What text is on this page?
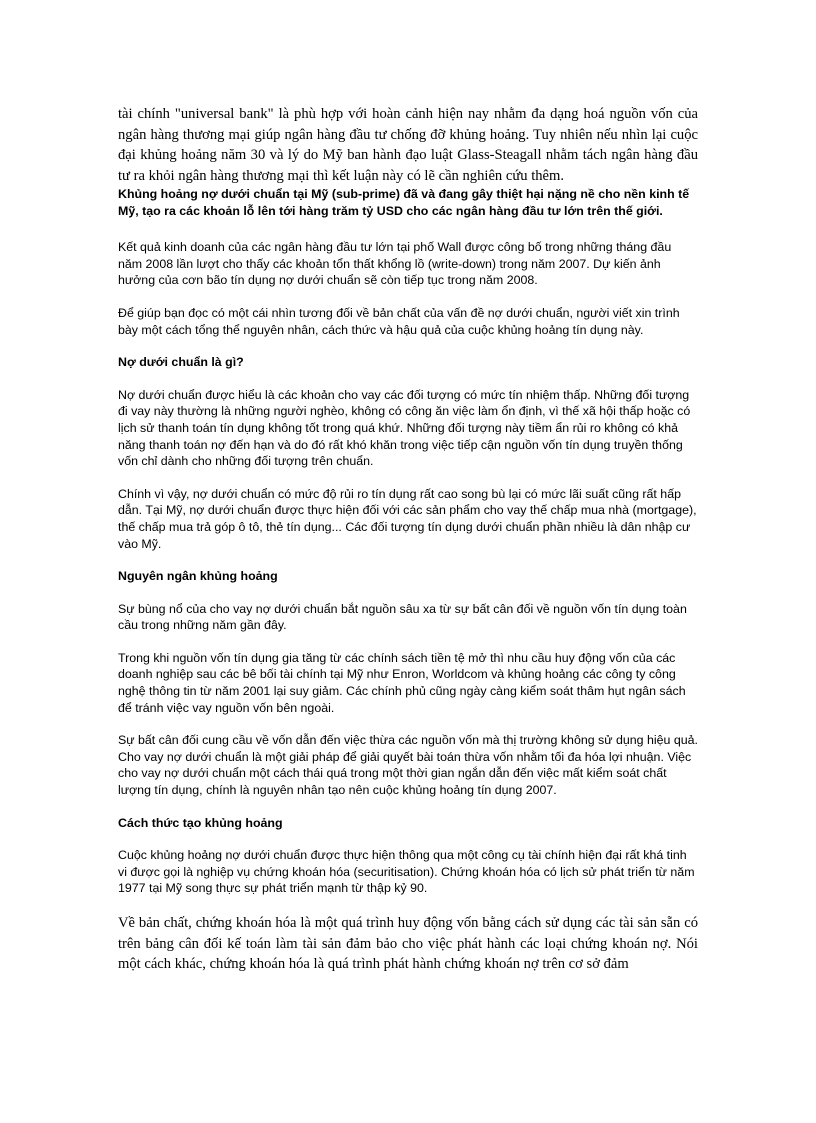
tài chính "universal bank" là phù hợp với hoàn cảnh hiện nay nhằm đa dạng hoá nguồn vốn của ngân hàng thương mại giúp ngân hàng đầu tư chống đỡ khủng hoảng. Tuy nhiên nếu nhìn lại cuộc đại khủng hoảng năm 30 và lý do Mỹ ban hành đạo luật Glass-Steagall nhằm tách ngân hàng đầu tư ra khỏi ngân hàng thương mại thì kết luận này có lẽ cần nghiên cứu thêm.

Khủng hoảng nợ dưới chuẩn tại Mỹ (sub-prime) đã và đang gây thiệt hại nặng nề cho nền kinh tế Mỹ, tạo ra các khoản lỗ lên tới hàng trăm tỷ USD cho các ngân hàng đầu tư lớn trên thế giới.

Kết quả kinh doanh của các ngân hàng đầu tư lớn tại phố Wall được công bố trong những tháng đầu năm 2008 lần lượt cho thấy các khoản tổn thất khổng lồ (write-down) trong năm 2007. Dự kiến ảnh hưởng của cơn bão tín dụng nợ dưới chuẩn sẽ còn tiếp tục trong năm 2008.

Để giúp bạn đọc có một cái nhìn tương đối về bản chất của vấn đề nợ dưới chuẩn, người viết xin trình bày một cách tổng thể nguyên nhân, cách thức và hậu quả của cuộc khủng hoảng tín dụng này.

Nợ dưới chuẩn là gì?

Nợ dưới chuẩn được hiểu là các khoản cho vay các đối tượng có mức tín nhiệm thấp. Những đối tượng đi vay này thường là những người nghèo, không có công ăn việc làm ổn định, vì thế xã hội thấp hoặc có lịch sử thanh toán tín dụng không tốt trong quá khứ. Những đối tượng này tiềm ẩn rủi ro không có khả năng thanh toán nợ đến hạn và do đó rất khó khăn trong việc tiếp cận nguồn vốn tín dụng truyền thống vốn chỉ dành cho những đối tượng trên chuẩn.

Chính vì vậy, nợ dưới chuẩn có mức độ rủi ro tín dụng rất cao song bù lại có mức lãi suất cũng rất hấp dẫn. Tại Mỹ, nợ dưới chuẩn được thực hiện đối với các sản phẩm cho vay thế chấp mua nhà (mortgage), thế chấp mua trả góp ô tô, thẻ tín dụng... Các đối tượng tín dụng dưới chuẩn phần nhiều là dân nhập cư vào Mỹ.

Nguyên ngân khủng hoảng

Sự bùng nổ của cho vay nợ dưới chuẩn bắt nguồn sâu xa từ sự bất cân đối về nguồn vốn tín dụng toàn cầu trong những năm gần đây.

Trong khi nguồn vốn tín dụng gia tăng từ các chính sách tiền tệ mở thì nhu cầu huy động vốn của các doanh nghiệp sau các bê bối tài chính tại Mỹ như Enron, Worldcom và khủng hoảng các công ty công nghệ thông tin từ năm 2001 lại suy giảm. Các chính phủ cũng ngày càng kiểm soát thâm hụt ngân sách để tránh việc vay nguồn vốn bên ngoài.

Sự bất cân đối cung cầu về vốn dẫn đến việc thừa các nguồn vốn mà thị trường không sử dụng hiệu quả. Cho vay nợ dưới chuẩn là một giải pháp để giải quyết bài toán thừa vốn nhằm tối đa hóa lợi nhuận. Việc cho vay nợ dưới chuẩn một cách thái quá trong một thời gian ngắn dẫn đến việc mất kiểm soát chất lượng tín dụng, chính là nguyên nhân tạo nên cuộc khủng hoảng tín dụng 2007.

Cách thức tạo khủng hoảng

Cuộc khủng hoảng nợ dưới chuẩn được thực hiện thông qua một công cụ tài chính hiện đại rất khá tinh vi được gọi là nghiệp vụ chứng khoán hóa (securitisation). Chứng khoán hóa có lịch sử phát triển từ năm 1977 tại Mỹ song thực sự phát triển mạnh từ thập kỷ 90.

Về bản chất, chứng khoán hóa là một quá trình huy động vốn bằng cách sử dụng các tài sản sẵn có trên bảng cân đối kế toán làm tài sản đảm bảo cho việc phát hành các loại chứng khoán nợ. Nói một cách khác, chứng khoán hóa là quá trình phát hành chứng khoán nợ trên cơ sở đảm
